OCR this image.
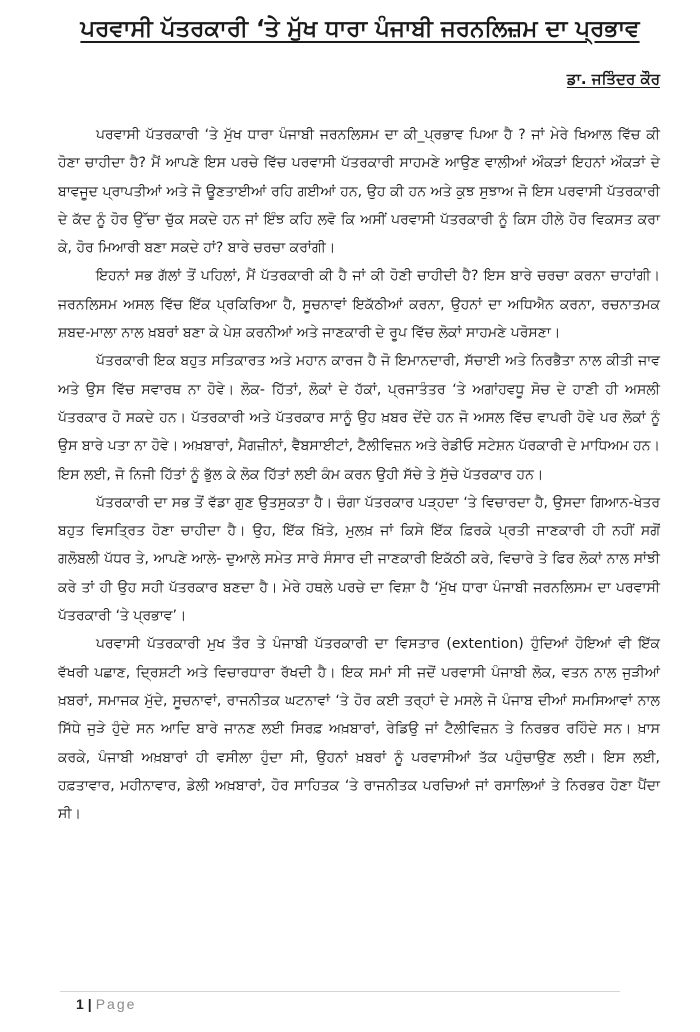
ਪਰਵਾਸੀ ਪੱਤਰਕਾਰੀ ‘ਤੇ ਮੁੱਖ ਧਾਰਾ ਪੰਜਾਬੀ ਜਰਨਲਿਜ਼ਮ ਦਾ ਪ੍ਰਭਾਵ
ਡਾ. ਜਤਿੰਦਰ ਕੌਰ

ਪਰਵਾਸੀ ਪੱਤਰਕਾਰੀ ‘ਤੇ ਮੁੱਖ ਧਾਰਾ ਪੰਜਾਬੀ ਜਰਨਲਿਸਮ ਦਾ ਕੀ_ਪ੍ਰਭਾਵ ਪਿਆ ਹੈ ? ਜਾਂ ਮੇਰੇ ਖਿਆਲ ਵਿੱਚ ਕੀ ਹੋਣਾ ਚਾਹੀਦਾ ਹੈ? ਮੈਂ ਆਪਣੇ ਇਸ ਪਰਚੇ ਵਿੱਚ ਪਰਵਾਸੀ ਪੱਤਰਕਾਰੀ ਸਾਹਮਣੇ ਆਉਣ ਵਾਲੀਆਂ ਔਕੜਾਂ ਇਹਨਾਂ ਔਕੜਾਂ ਦੇ ਬਾਵਜੂਦ ਪ੍ਰਾਪਤੀਆਂ ਅਤੇ ਜੋ ਊਣਤਾਈਆਂ ਰਹਿ ਗਈਆਂ ਹਨ, ਉਹ ਕੀ ਹਨ ਅਤੇ ਕੁਝ ਸੁਝਾਅ ਜੋ ਇਸ ਪਰਵਾਸੀ ਪੱਤਰਕਾਰੀ ਦੇ ਕੱਦ ਨੂੰ ਹੋਰ ਉੱਚਾ ਚੁੱਕ ਸਕਦੇ ਹਨ ਜਾਂ ਇੰਝ ਕਹਿ ਲਵੋ ਕਿ ਅਸੀਂ ਪਰਵਾਸੀ ਪੱਤਰਕਾਰੀ ਨੂੰ ਕਿਸ ਹੀਲੇ ਹੋਰ ਵਿਕਸਤ ਕਰਾ ਕੇ, ਹੋਰ ਮਿਆਰੀ ਬਣਾ ਸਕਦੇ ਹਾਂ? ਬਾਰੇ ਚਰਚਾ ਕਰਾਂਗੀ।

ਇਹਨਾਂ ਸਭ ਗੱਲਾਂ ਤੋਂ ਪਹਿਲਾਂ, ਮੈਂ ਪੱਤਰਕਾਰੀ ਕੀ ਹੈ ਜਾਂ ਕੀ ਹੋਣੀ ਚਾਹੀਦੀ ਹੈ? ਇਸ ਬਾਰੇ ਚਰਚਾ ਕਰਨਾ ਚਾਹਾਂਗੀ। ਜਰਨਲਿਸਮ ਅਸਲ ਵਿੱਚ ਇੱਕ ਪ੍ਰਕਿਰਿਆ ਹੈ, ਸੂਚਨਾਵਾਂ ਇਕੱਠੀਆਂ ਕਰਨਾ, ਉਹਨਾਂ ਦਾ ਅਧਿਐਨ ਕਰਨਾ, ਰਚਨਾਤਮਕ ਸ਼ਬਦ-ਮਾਲਾ ਨਾਲ ਖ਼ਬਰਾਂ ਬਣਾ ਕੇ ਪੇਸ਼ ਕਰਨੀਆਂ ਅਤੇ ਜਾਣਕਾਰੀ ਦੇ ਰੂਪ ਵਿੱਚ ਲੋਕਾਂ ਸਾਹਮਣੇ ਪਰੋਸਣਾ।

ਪੱਤਰਕਾਰੀ ਇਕ ਬਹੁਤ ਸਤਿਕਾਰਤ ਅਤੇ ਮਹਾਨ ਕਾਰਜ ਹੈ ਜੋ ਇਮਾਨਦਾਰੀ, ਸੱਚਾਈ ਅਤੇ ਨਿਰਭੈਤਾ ਨਾਲ ਕੀਤੀ ਜਾਵ ਅਤੇ ਉਸ ਵਿੱਚ ਸਵਾਰਥ ਨਾ ਹੋਵੇ। ਲੋਕ- ਹਿੱਤਾਂ, ਲੋਕਾਂ ਦੇ ਹੱਕਾਂ, ਪ੍ਰਜਾਤੰਤਰ ‘ਤੇ ਅਗਾਂਹਵਧੂ ਸੋਚ ਦੇ ਹਾਣੀ ਹੀ ਅਸਲੀ ਪੱਤਰਕਾਰ ਹੋ ਸਕਦੇ ਹਨ। ਪੱਤਰਕਾਰੀ ਅਤੇ ਪੱਤਰਕਾਰ ਸਾਨੂੰ ਉਹ ਖ਼ਬਰ ਦੇਂਦੇ ਹਨ ਜੋ ਅਸਲ ਵਿੱਚ ਵਾਪਰੀ ਹੋਵੇ ਪਰ ਲੋਕਾਂ ਨੂੰ ਉਸ ਬਾਰੇ ਪਤਾ ਨਾ ਹੋਵੇ। ਅਖ਼ਬਾਰਾਂ, ਮੈਗਜ਼ੀਨਾਂ, ਵੈਬਸਾਈਟਾਂ, ਟੈਲੀਵਿਜ਼ਨ ਅਤੇ ਰੇਡੀਓ ਸਟੇਸ਼ਨ ਪੱਰਕਾਰੀ ਦੇ ਮਾਧਿਅਮ ਹਨ। ਇਸ ਲਈ, ਜੋ ਨਿਜੀ ਹਿੱਤਾਂ ਨੂੰ ਭੁੱਲ ਕੇ ਲੋਕ ਹਿੱਤਾਂ ਲਈ ਕੰਮ ਕਰਨ ਉਹੀ ਸੱਚੇ ਤੇ ਸੁੱਚੇ ਪੱਤਰਕਾਰ ਹਨ।

ਪੱਤਰਕਾਰੀ ਦਾ ਸਭ ਤੋਂ ਵੱਡਾ ਗੁਣ ਉਤਸੁਕਤਾ ਹੈ। ਚੰਗਾ ਪੱਤਰਕਾਰ ਪੜ੍ਹਦਾ ‘ਤੇ ਵਿਚਾਰਦਾ ਹੈ, ਉਸਦਾ ਗਿਆਨ-ਖੇਤਰ ਬਹੁਤ ਵਿਸਤ੍ਰਿਤ ਹੋਣਾ ਚਾਹੀਦਾ ਹੈ। ਉਹ, ਇੱਕ ਖ਼ਿੱਤੇ, ਮੁਲਖ਼ ਜਾਂ ਕਿਸੇ ਇੱਕ ਫ਼ਿਰਕੇ ਪ੍ਰਤੀ ਜਾਣਕਾਰੀ ਹੀ ਨਹੀਂ ਸਗੋਂ ਗਲੋਬਲੀ ਪੱਧਰ ਤੇ, ਆਪਣੇ ਆਲੇ- ਦੁਆਲੇ ਸਮੇਤ ਸਾਰੇ ਸੰਸਾਰ ਦੀ ਜਾਣਕਾਰੀ ਇਕੱਠੀ ਕਰੇ, ਵਿਚਾਰੇ ਤੇ ਫਿਰ ਲੋਕਾਂ ਨਾਲ ਸਾਂਝੀ ਕਰੇ ਤਾਂ ਹੀ ਉਹ ਸਹੀ ਪੱਤਰਕਾਰ ਬਣਦਾ ਹੈ। ਮੇਰੇ ਹਥਲੇ ਪਰਚੇ ਦਾ ਵਿਸ਼ਾ ਹੈ ‘ਮੁੱਖ ਧਾਰਾ ਪੰਜਾਬੀ ਜਰਨਲਿਸਮ ਦਾ ਪਰਵਾਸੀ ਪੱਤਰਕਾਰੀ ‘ਤੇ ਪ੍ਰਭਾਵ’।

ਪਰਵਾਸੀ ਪੱਤਰਕਾਰੀ ਮੁਖ ਤੌਰ ਤੇ ਪੰਜਾਬੀ ਪੱਤਰਕਾਰੀ ਦਾ ਵਿਸਤਾਰ (extention) ਹੁੰਦਿਆਂ ਹੋਇਆਂ ਵੀ ਇੱਕ ਵੱਖਰੀ ਪਛਾਣ, ਦ੍ਰਿਸ਼ਟੀ ਅਤੇ ਵਿਚਾਰਧਾਰਾ ਰੱਖਦੀ ਹੈ। ਇਕ ਸਮਾਂ ਸੀ ਜਦੋਂ ਪਰਵਾਸੀ ਪੰਜਾਬੀ ਲੋਕ, ਵਤਨ ਨਾਲ ਜੁੜੀਆਂ ਖ਼ਬਰਾਂ, ਸਮਾਜਕ ਮੁੱਦੇ, ਸੂਚਨਾਵਾਂ, ਰਾਜਨੀਤਕ ਘਟਨਾਵਾਂ ‘ਤੇ ਹੋਰ ਕਈ ਤਰ੍ਹਾਂ ਦੇ ਮਸਲੇ ਜੋ ਪੰਜਾਬ ਦੀਆਂ ਸਮਸਿਆਵਾਂ ਨਾਲ ਸਿੱਧੇ ਜੁੜੇ ਹੁੰਦੇ ਸਨ ਆਦਿ ਬਾਰੇ ਜਾਨਣ ਲਈ ਸਿਰਫ਼ ਅਖ਼ਬਾਰਾਂ, ਰੇਡਿਉ ਜਾਂ ਟੈਲੀਵਿਜ਼ਨ ਤੇ ਨਿਰਭਰ ਰਹਿੰਦੇ ਸਨ। ਖ਼ਾਸ ਕਰਕੇ, ਪੰਜਾਬੀ ਅਖ਼ਬਾਰਾਂ ਹੀ ਵਸੀਲਾ ਹੁੰਦਾ ਸੀ, ਉਹਨਾਂ ਖ਼ਬਰਾਂ ਨੂੰ ਪਰਵਾਸੀਆਂ ਤੱਕ ਪਹੁੰਚਾਉਣ ਲਈ। ਇਸ ਲਈ, ਹਫ਼ਤਾਵਾਰ, ਮਹੀਨਾਵਾਰ, ਡੇਲੀ ਅਖ਼ਬਾਰਾਂ, ਹੋਰ ਸਾਹਿਤਕ ‘ਤੇ ਰਾਜਨੀਤਕ ਪਰਚਿਆਂ ਜਾਂ ਰਸਾਲਿਆਂ ਤੇ ਨਿਰਭਰ ਹੋਣਾ ਪੈਂਦਾ ਸੀ।

1 | Page
